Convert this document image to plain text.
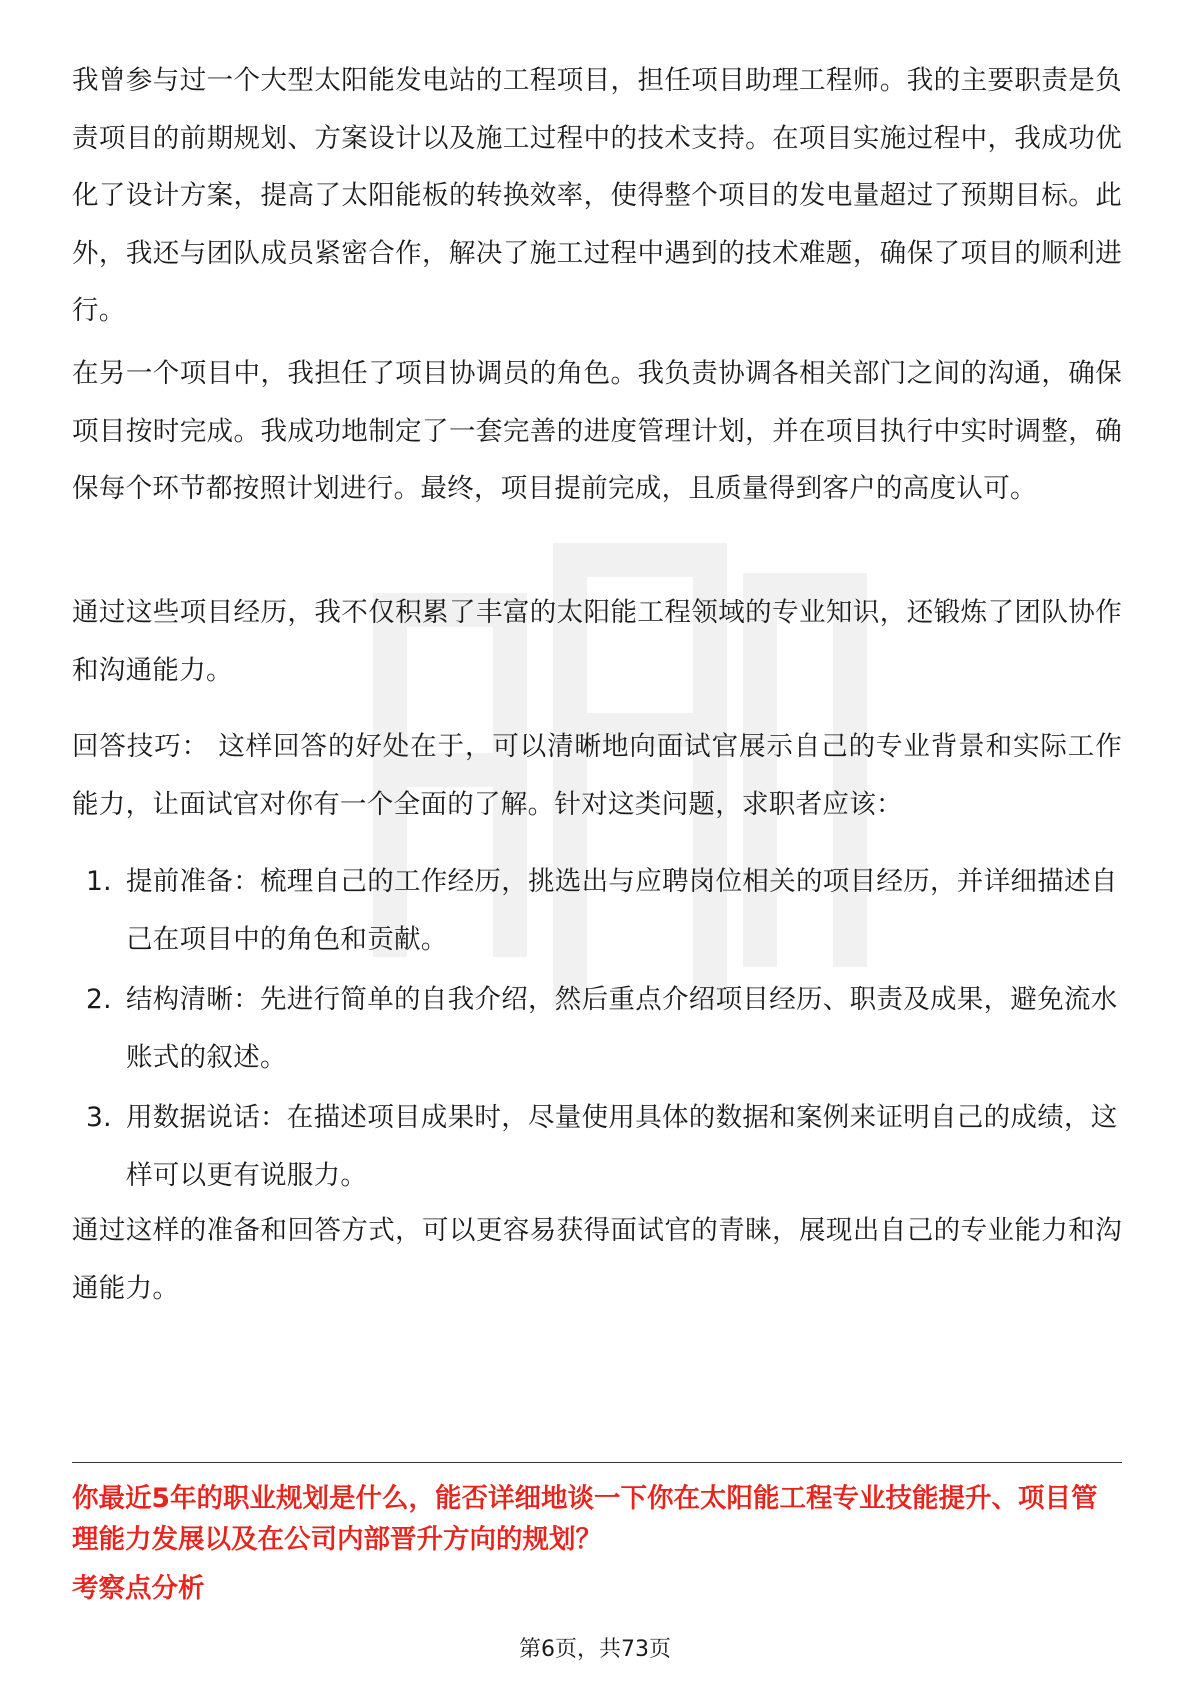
我曾参与过一个大型太阳能发电站的工程项目，担任项目助理工程师。我的主要职责是负责项目的前期规划、方案设计以及施工过程中的技术支持。在项目实施过程中，我成功优化了设计方案，提高了太阳能板的转换效率，使得整个项目的发电量超过了预期目标。此外，我还与团队成员紧密合作，解决了施工过程中遇到的技术难题，确保了项目的顺利进行。

在另一个项目中，我担任了项目协调员的角色。我负责协调各相关部门之间的沟通，确保项目按时完成。我成功地制定了一套完善的进度管理计划，并在项目执行中实时调整，确保每个环节都按照计划进行。最终，项目提前完成，且质量得到客户的高度认可。

通过这些项目经历，我不仅积累了丰富的太阳能工程领域的专业知识，还锻炼了团队协作和沟通能力。

回答技巧： 这样回答的好处在于，可以清晰地向面试官展示自己的专业背景和实际工作能力，让面试官对你有一个全面的了解。针对这类问题，求职者应该：

1. 提前准备：梳理自己的工作经历，挑选出与应聘岗位相关的项目经历，并详细描述自己在项目中的角色和贡献。
2. 结构清晰：先进行简单的自我介绍，然后重点介绍项目经历、职责及成果，避免流水账式的叙述。
3. 用数据说话：在描述项目成果时，尽量使用具体的数据和案例来证明自己的成绩，这样可以更有说服力。

通过这样的准备和回答方式，可以更容易获得面试官的青睐，展现出自己的专业能力和沟通能力。

你最近5年的职业规划是什么，能否详细地谈一下你在太阳能工程专业技能提升、项目管理能力发展以及在公司内部晋升方向的规划？

考察点分析

第6页，共73页
